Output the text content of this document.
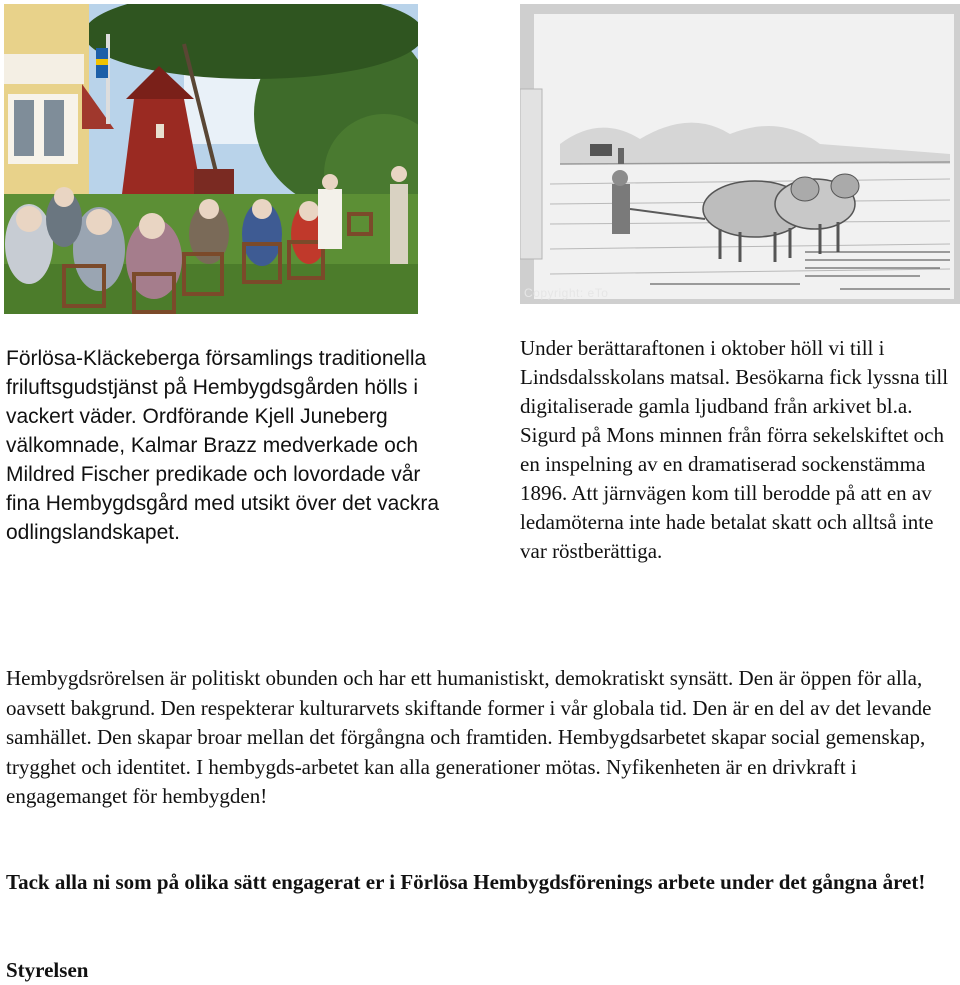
Copyright: eTo

Förlösa-Kläckeberga församlings traditionella friluftsgudstjänst på Hembygdsgården hölls i vackert väder. Ordförande Kjell Juneberg välkomnade, Kalmar Brazz medverkade och Mildred Fischer predikade och lovordade vår fina Hembygdsgård med utsikt över det vackra odlingslandskapet.

Under berättaraftonen i oktober höll vi till i Lindsdalsskolans matsal. Besökarna fick lyssna till digitaliserade gamla ljudband från arkivet bl.a. Sigurd på Mons minnen från förra sekelskiftet och en inspelning av en dramatiserad sockenstämma 1896. Att järnvägen kom till berodde på att en av ledamöterna inte hade betalat skatt och alltså inte var röstberättiga.

Hembygdsrörelsen är politiskt obunden och har ett humanistiskt, demokratiskt synsätt. Den är öppen för alla, oavsett bakgrund. Den respekterar kulturarvets skiftande former i vår globala tid. Den är en del av det levande samhället. Den skapar broar mellan det förgångna och framtiden. Hembygdsarbetet skapar social gemenskap, trygghet och identitet. I hembygds-arbetet kan alla generationer mötas. Nyfikenheten är en drivkraft i engagemanget för hembygden!

Tack alla ni som på olika sätt engagerat er i Förlösa Hembygdsförenings arbete under det gångna året!

Styrelsen
